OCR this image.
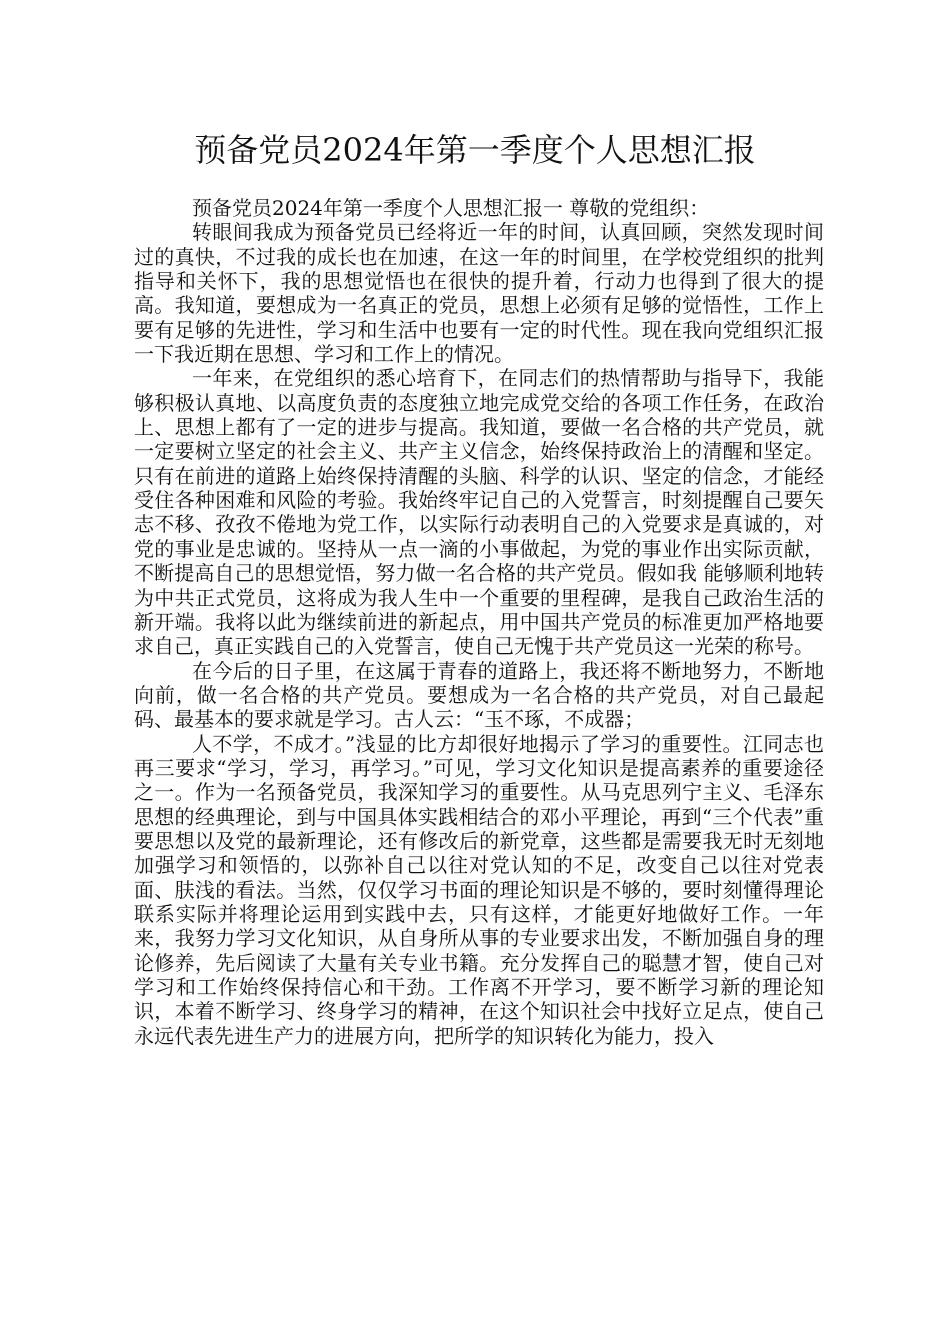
预备党员2024年第一季度个人思想汇报

预备党员2024年第一季度个人思想汇报一 尊敬的党组织：

转眼间我成为预备党员已经将近一年的时间，认真回顾，突然发现时间过的真快，不过我的成长也在加速，在这一年的时间里，在学校党组织的批判指导和关怀下，我的思想觉悟也在很快的提升着，行动力也得到了很大的提高。我知道，要想成为一名真正的党员，思想上必须有足够的觉悟性，工作上要有足够的先进性，学习和生活中也要有一定的时代性。现在我向党组织汇报一下我近期在思想、学习和工作上的情况。

一年来，在党组织的悉心培育下，在同志们的热情帮助与指导下，我能够积极认真地、以高度负责的态度独立地完成党交给的各项工作任务，在政治上、思想上都有了一定的进步与提高。我知道，要做一名合格的共产党员，就一定要树立坚定的社会主义、共产主义信念，始终保持政治上的清醒和坚定。只有在前进的道路上始终保持清醒的头脑、科学的认识、坚定的信念，才能经受住各种困难和风险的考验。我始终牢记自己的入党誓言，时刻提醒自己要矢志不移、孜孜不倦地为党工作，以实际行动表明自己的入党要求是真诚的，对党的事业是忠诚的。坚持从一点一滴的小事做起，为党的事业作出实际贡献，不断提高自己的思想觉悟，努力做一名合格的共产党员。假如我 能够顺利地转为中共正式党员，这将成为我人生中一个重要的里程碑，是我自己政治生活的新开端。我将以此为继续前进的新起点，用中国共产党员的标准更加严格地要求自己，真正实践自己的入党誓言，使自己无愧于共产党员这一光荣的称号。

在今后的日子里，在这属于青春的道路上，我还将不断地努力，不断地向前，做一名合格的共产党员。要想成为一名合格的共产党员，对自己最起码、最基本的要求就是学习。古人云：“玉不琢，不成器；

人不学，不成才。”浅显的比方却很好地揭示了学习的重要性。江同志也再三要求“学习，学习，再学习。”可见，学习文化知识是提高素养的重要途径之一。作为一名预备党员，我深知学习的重要性。从马克思列宁主义、毛泽东思想的经典理论，到与中国具体实践相结合的邓小平理论，再到“三个代表”重要思想以及党的最新理论，还有修改后的新党章，这些都是需要我无时无刻地加强学习和领悟的，以弥补自己以往对党认知的不足，改变自己以往对党表面、肤浅的看法。当然，仅仅学习书面的理论知识是不够的，要时刻懂得理论联系实际并将理论运用到实践中去，只有这样，才能更好地做好工作。一年来，我努力学习文化知识，从自身所从事的专业要求出发，不断加强自身的理论修养，先后阅读了大量有关专业书籍。充分发挥自己的聪慧才智，使自己对学习和工作始终保持信心和干劲。工作离不开学习，要不断学习新的理论知识，本着不断学习、终身学习的精神，在这个知识社会中找好立足点，使自己永远代表先进生产力的进展方向，把所学的知识转化为能力，投入
